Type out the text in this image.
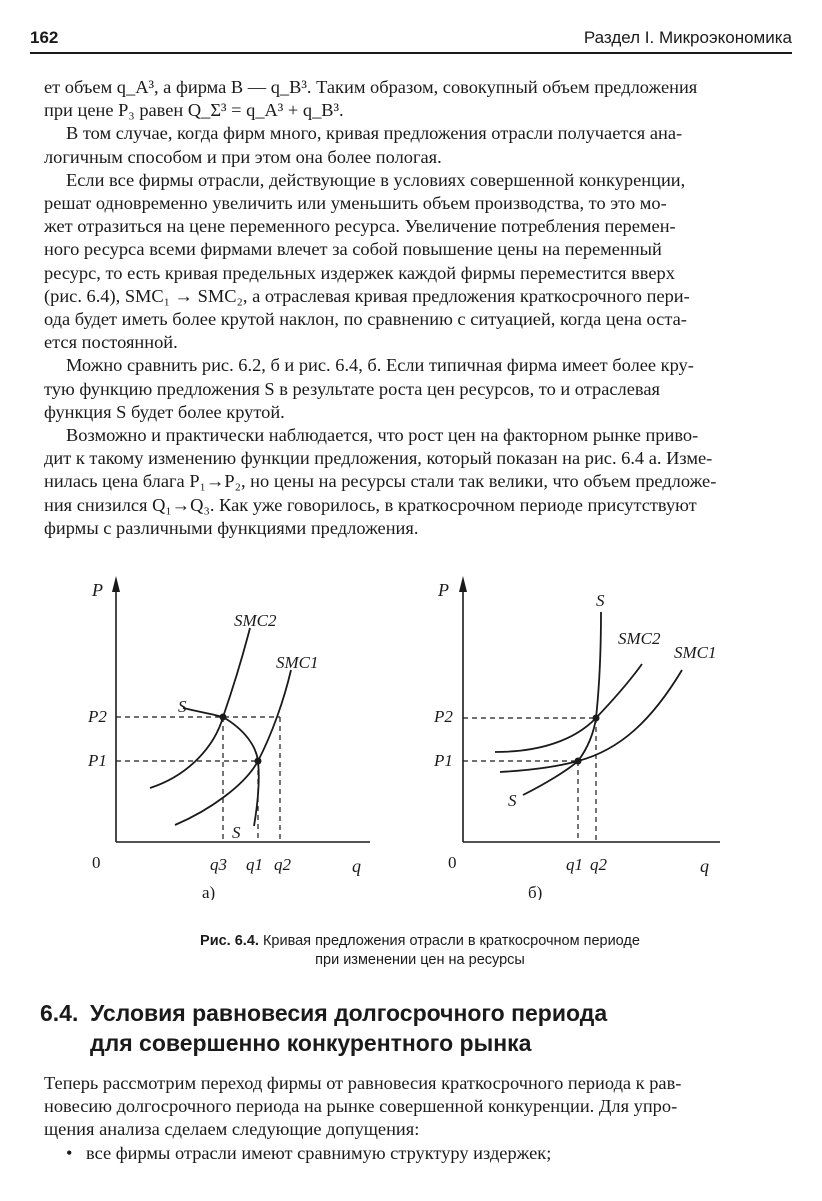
162	Раздел I. Микроэкономика

ет объем q_A³, а фирма B — q_B³. Таким образом, совокупный объем предложения
при цене P₃ равен Q_Σ³ = q_A³ + q_B³.

В том случае, когда фирм много, кривая предложения отрасли получается ана-
логичным способом и при этом она более пологая.

Если все фирмы отрасли, действующие в условиях совершенной конкуренции,
решат одновременно увеличить или уменьшить объем производства, то это мо-
жет отразиться на цене переменного ресурса. Увеличение потребления перемен-
ного ресурса всеми фирмами влечет за собой повышение цены на переменный
ресурс, то есть кривая предельных издержек каждой фирмы переместится вверх
(рис. 6.4), SMC₁ → SMC₂, а отраслевая кривая предложения краткосрочного пери-
ода будет иметь более крутой наклон, по сравнению с ситуацией, когда цена оста-
ется постоянной.

Можно сравнить рис. 6.2, б и рис. 6.4, б. Если типичная фирма имеет более кру-
тую функцию предложения S в результате роста цен ресурсов, то и отраслевая
функция S будет более крутой.

Возможно и практически наблюдается, что рост цен на факторном рынке приво-
дит к такому изменению функции предложения, который показан на рис. 6.4 а. Изме-
нилась цена блага P₁→P₂, но цены на ресурсы стали так велики, что объем предложе-
ния снизился Q₁→Q₃. Как уже говорилось, в краткосрочном периоде присутствуют
фирмы с различными функциями предложения.

P
0	q
P2
P1
q3 q1 q2
SMC2
SMC1
S
S
а)
P
0	q
P2
P1
q1 q2
S
SMC2
SMC1
S
б)
Рис. 6.4. Кривая предложения отрасли в краткосрочном периоде
при изменении цен на ресурсы
6.4. Условия равновесия долгосрочного периода
для совершенно конкурентного рынка

Теперь рассмотрим переход фирмы от равновесия краткосрочного периода к рав-
новесию долгосрочного периода на рынке совершенной конкуренции. Для упро-
щения анализа сделаем следующие допущения:

• все фирмы отрасли имеют сравнимую структуру издержек;
